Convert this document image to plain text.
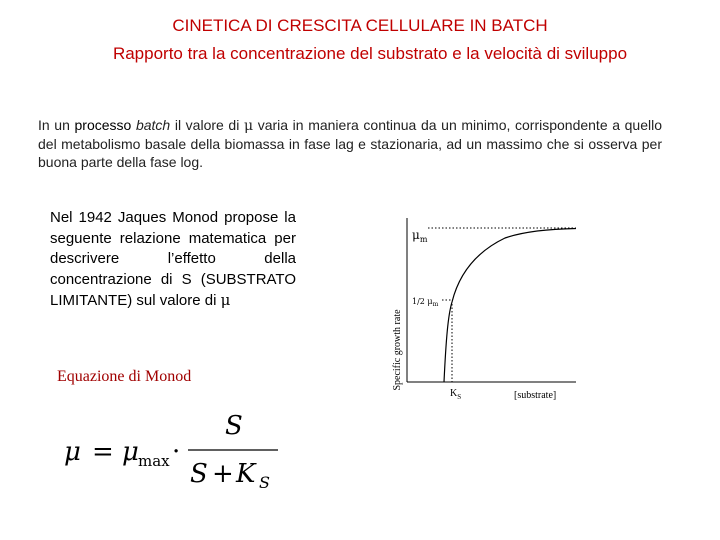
CINETICA DI CRESCITA CELLULARE IN BATCH
Rapporto tra la concentrazione del substrato e la velocità di sviluppo
In un processo batch il valore di μ varia in maniera continua da un minimo, corrispondente a quello del metabolismo basale della biomassa in fase lag e stazionaria, ad un massimo che si osserva per buona parte della fase log.
Nel 1942 Jaques Monod propose la seguente relazione matematica per descrivere l’effetto della concentrazione di S (SUBSTRATO LIMITANTE) sul valore di μ
Equazione di Monod	Specific growth rate
$\mu_m$
1/2 $\mu_m$
$K_S$	[substrate]
μ = μ max ·
S
S + K S
